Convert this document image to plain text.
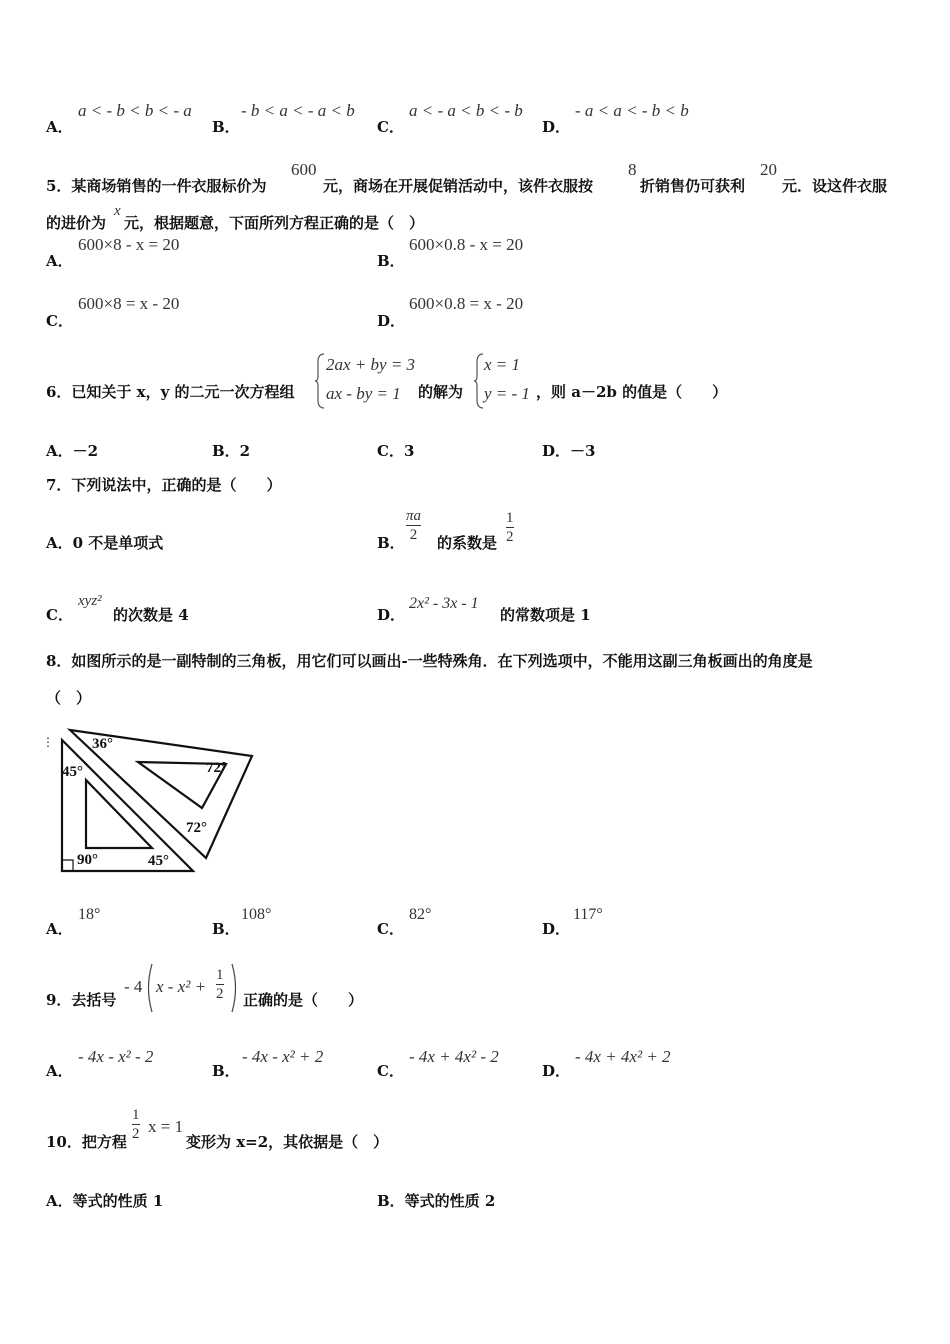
A．
a < - b < b < - a
B．
- b < a < - a < b
C．
a < - a < b < - b
D．
- a < a < - b < b
5．某商场销售的一件衣服标价为
600
元，商场在开展促销活动中，该件衣服按
8
折销售仍可获利
20
元．设这件衣服
的进价为
x
元，根据题意，下面所列方程正确的是（　）
A．
600×8 - x = 20
B．
600×0.8 - x = 20
C．
600×8 = x - 20
D．
600×0.8 = x - 20
6．已知关于 x，y 的二元一次方程组
2ax + by = 3
ax - by = 1 的解为
x = 1
y = - 1 ，则 a－2b 的值是（　　）
A．－2	B．2	C．3	D．－3
7．下列说法中，正确的是（　　）
A．0 不是单项式	B．
πa
2 的系数是
1
2
C．
xyz²
的次数是 4	D．
2x² - 3x - 1
的常数项是 1
8．如图所示的是一副特制的三角板，用它们可以画出-一些特殊角．在下列选项中，不能用这副三角板画出的角度是
（　）
⋮	36°
72°
72°
45°
45°
90°
A．
18°
B．
108°
C．
82°
D．
117°
9．去括号
- 4 x - x² +
1
2 正确的是（　　）
A．
- 4x - x² - 2
B．
- 4x - x² + 2
C．
- 4x + 4x² - 2
D．
- 4x + 4x² + 2
10．把方程
1
2 x = 1
变形为 x=2，其依据是（　）
A．等式的性质 1	B．等式的性质 2
